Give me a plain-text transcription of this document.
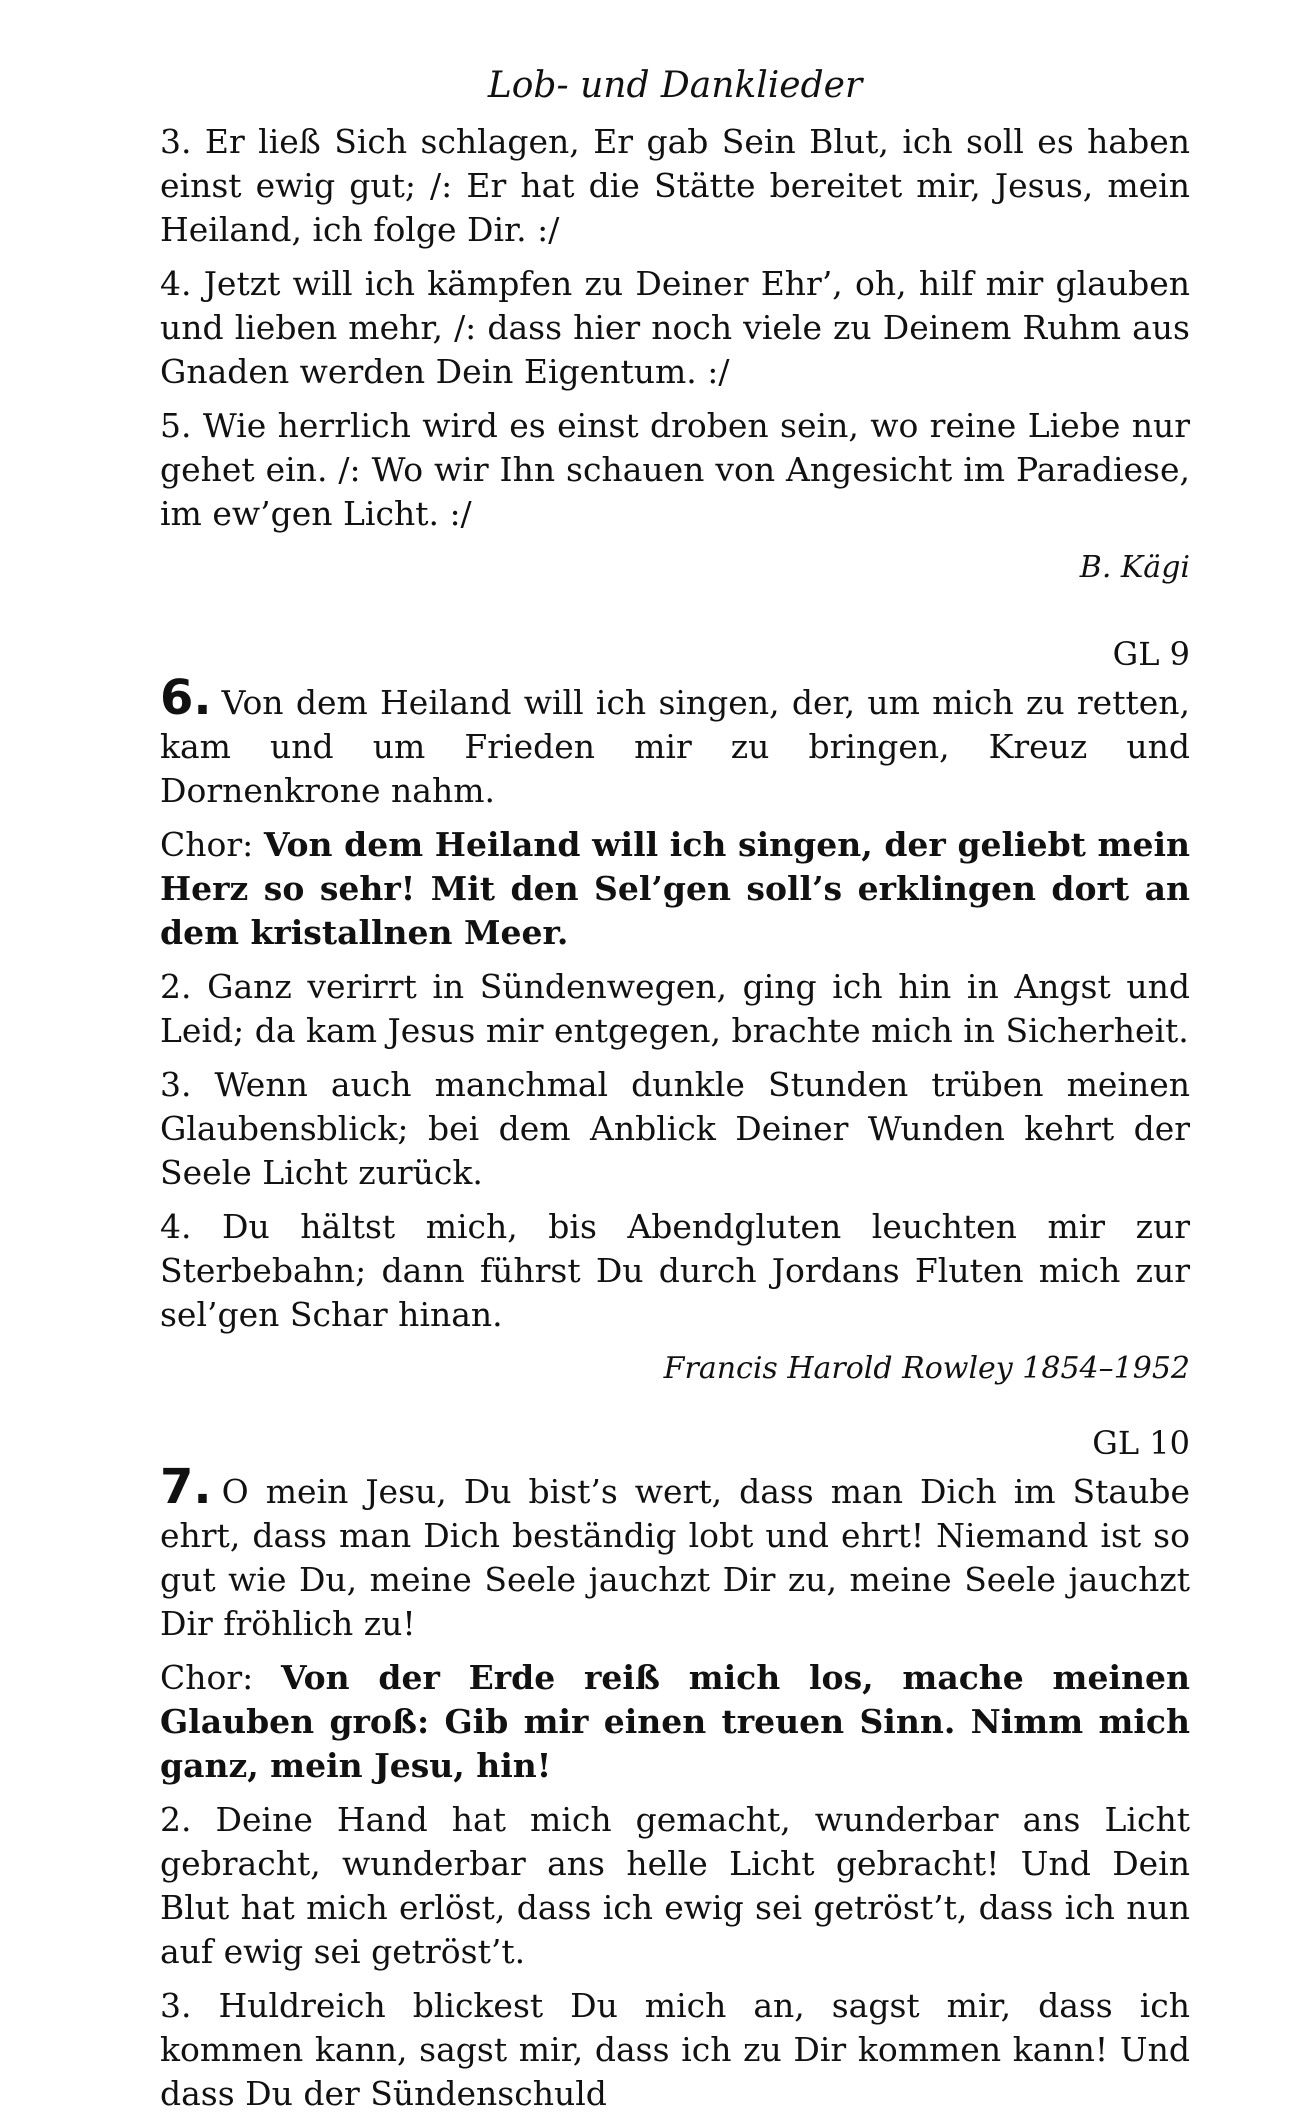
Lob- und Danklieder

3. Er ließ Sich schlagen, Er gab Sein Blut, ich soll es haben einst ewig gut; /: Er hat die Stätte bereitet mir, Jesus, mein Heiland, ich folge Dir. :/

4. Jetzt will ich kämpfen zu Deiner Ehr’, oh, hilf mir glauben und lieben mehr, /: dass hier noch viele zu Deinem Ruhm aus Gnaden werden Dein Eigentum. :/

5. Wie herrlich wird es einst droben sein, wo reine Liebe nur gehet ein. /: Wo wir Ihn schauen von Angesicht im Paradiese, im ew’gen Licht. :/

B. Kägi

GL 9

6. Von dem Heiland will ich singen, der, um mich zu retten, kam und um Frieden mir zu bringen, Kreuz und Dornenkrone nahm.

Chor: Von dem Heiland will ich singen, der geliebt mein Herz so sehr! Mit den Sel’gen soll’s erklingen dort an dem kristallnen Meer.

2. Ganz verirrt in Sündenwegen, ging ich hin in Angst und Leid; da kam Jesus mir entgegen, brachte mich in Sicherheit.

3. Wenn auch manchmal dunkle Stunden trüben meinen Glaubensblick; bei dem Anblick Deiner Wunden kehrt der Seele Licht zurück.

4. Du hältst mich, bis Abendgluten leuchten mir zur Sterbebahn; dann führst Du durch Jordans Fluten mich zur sel’gen Schar hinan.

Francis Harold Rowley 1854–1952

GL 10

7. O mein Jesu, Du bist’s wert, dass man Dich im Staube ehrt, dass man Dich beständig lobt und ehrt! Niemand ist so gut wie Du, meine Seele jauchzt Dir zu, meine Seele jauchzt Dir fröhlich zu!

Chor: Von der Erde reiß mich los, mache meinen Glauben groß: Gib mir einen treuen Sinn. Nimm mich ganz, mein Jesu, hin!

2. Deine Hand hat mich gemacht, wunderbar ans Licht gebracht, wunderbar ans helle Licht gebracht! Und Dein Blut hat mich erlöst, dass ich ewig sei getröst’t, dass ich nun auf ewig sei getröst’t.

3. Huldreich blickest Du mich an, sagst mir, dass ich kommen kann, sagst mir, dass ich zu Dir kommen kann! Und dass Du der Sündenschuld
